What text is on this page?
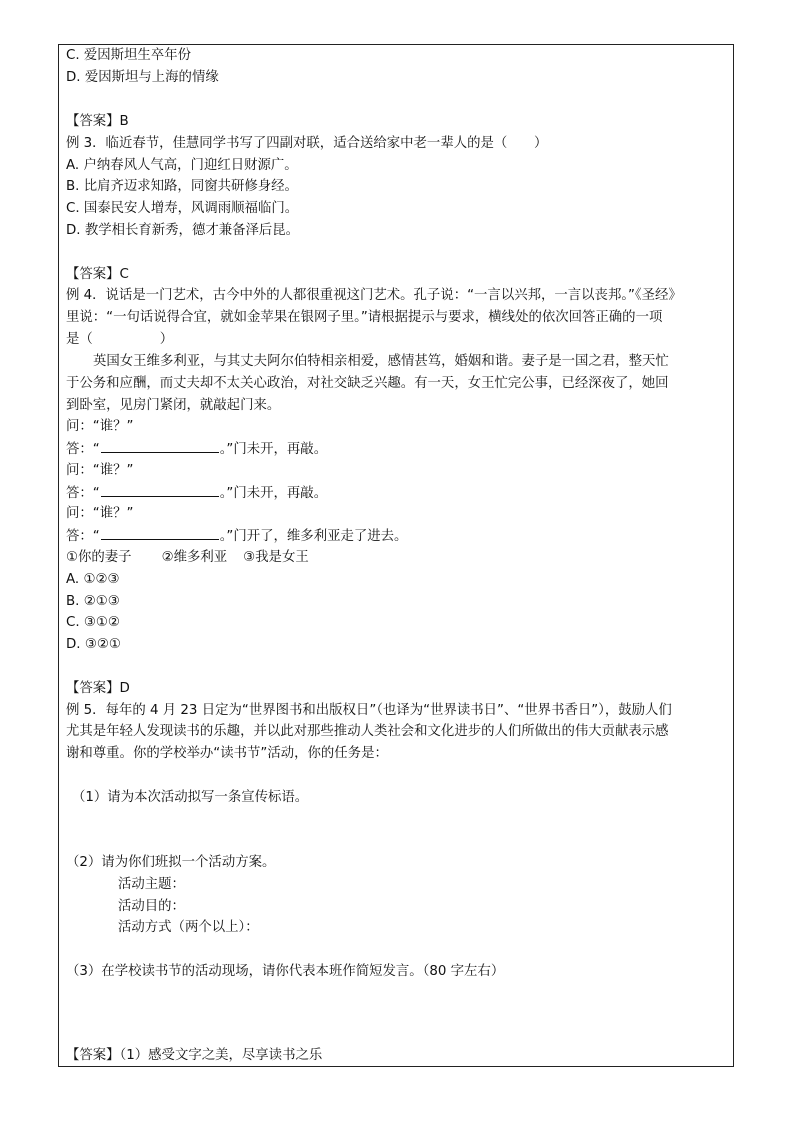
C. 爱因斯坦生卒年份
D. 爱因斯坦与上海的情缘
【答案】B
例 3．临近春节，佳慧同学书写了四副对联，适合送给家中老一辈人的是（　　）
A. 户纳春风人气高，门迎红日财源广。
B. 比肩齐迈求知路，同窗共研修身经。
C. 国泰民安人增寿，风调雨顺福临门。
D. 教学相长育新秀，德才兼备泽后昆。
【答案】C
例 4．说话是一门艺术，古今中外的人都很重视这门艺术。孔子说：“一言以兴邦，一言以丧邦。”《圣经》
里说：“一句话说得合宜，就如金苹果在银网子里。”请根据提示与要求，横线处的依次回答正确的一项
是（　　　　　）
英国女王维多利亚，与其丈夫阿尔伯特相亲相爱，感情甚笃，婚姻和谐。妻子是一国之君，整天忙
于公务和应酬，而丈夫却不太关心政治，对社交缺乏兴趣。有一天，女王忙完公事，已经深夜了，她回
到卧室，见房门紧闭，就敲起门来。
问：“谁？”
答：“	。”门未开，再敲。
问：“谁？”
答：“	。”门未开，再敲。
问：“谁？”
答：“	。”门开了，维多利亚走了进去。
①你的妻子 ②维多利亚 ③我是女王
A. ①②③
B. ②①③
C. ③①②
D. ③②①
【答案】D
例 5．每年的 4 月 23 日定为“世界图书和出版权日”（也译为“世界读书日”、“世界书香日”），鼓励人们
尤其是年轻人发现读书的乐趣，并以此对那些推动人类社会和文化进步的人们所做出的伟大贡献表示感
谢和尊重。你的学校举办“读书节”活动，你的任务是：
（1）请为本次活动拟写一条宣传标语。
（2）请为你们班拟一个活动方案。
活动主题：
活动目的：
活动方式（两个以上）：
（3）在学校读书节的活动现场，请你代表本班作简短发言。（80 字左右）
【答案】（1）感受文字之美，尽享读书之乐
